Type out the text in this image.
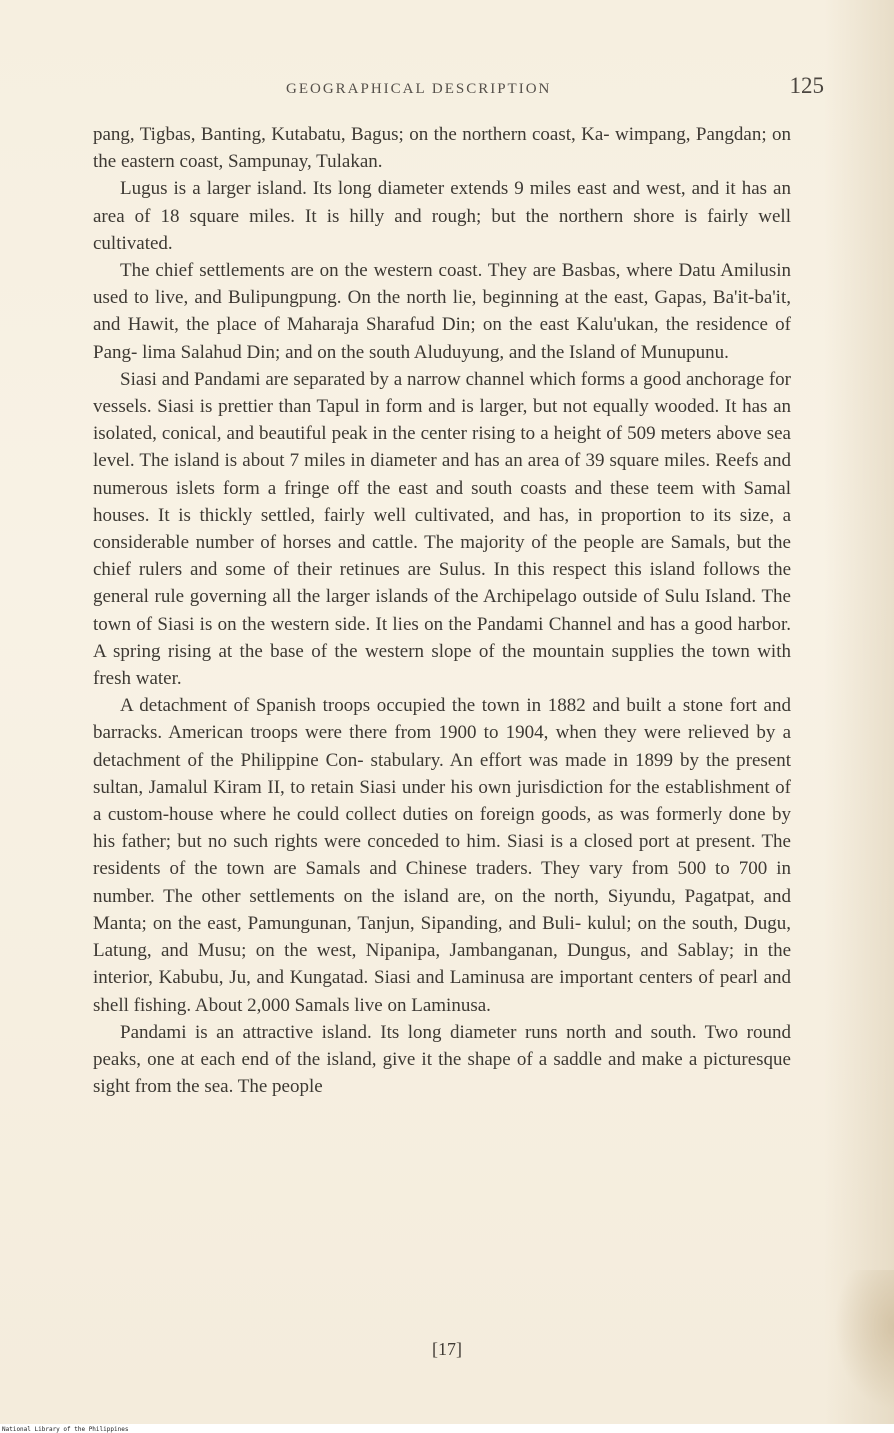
GEOGRAPHICAL DESCRIPTION	125

pang, Tigbas, Banting, Kutabatu, Bagus; on the northern coast, Ka- wimpang, Pangdan; on the eastern coast, Sampunay, Tulakan.

Lugus is a larger island. Its long diameter extends 9 miles east and west, and it has an area of 18 square miles. It is hilly and rough; but the northern shore is fairly well cultivated.

The chief settlements are on the western coast. They are Basbas, where Datu Amilusin used to live, and Bulipungpung. On the north lie, beginning at the east, Gapas, Ba'it-ba'it, and Hawit, the place of Maharaja Sharafud Din; on the east Kalu'ukan, the residence of Pang- lima Salahud Din; and on the south Aluduyung, and the Island of Munupunu.

Siasi and Pandami are separated by a narrow channel which forms a good anchorage for vessels. Siasi is prettier than Tapul in form and is larger, but not equally wooded. It has an isolated, conical, and beautiful peak in the center rising to a height of 509 meters above sea level. The island is about 7 miles in diameter and has an area of 39 square miles. Reefs and numerous islets form a fringe off the east and south coasts and these teem with Samal houses. It is thickly settled, fairly well cultivated, and has, in proportion to its size, a considerable number of horses and cattle. The majority of the people are Samals, but the chief rulers and some of their retinues are Sulus. In this respect this island follows the general rule governing all the larger islands of the Archipelago outside of Sulu Island. The town of Siasi is on the western side. It lies on the Pandami Channel and has a good harbor. A spring rising at the base of the western slope of the mountain supplies the town with fresh water.

A detachment of Spanish troops occupied the town in 1882 and built a stone fort and barracks. American troops were there from 1900 to 1904, when they were relieved by a detachment of the Philippine Con- stabulary. An effort was made in 1899 by the present sultan, Jamalul Kiram II, to retain Siasi under his own jurisdiction for the establishment of a custom-house where he could collect duties on foreign goods, as was formerly done by his father; but no such rights were conceded to him. Siasi is a closed port at present. The residents of the town are Samals and Chinese traders. They vary from 500 to 700 in number. The other settlements on the island are, on the north, Siyundu, Pagatpat, and Manta; on the east, Pamungunan, Tanjun, Sipanding, and Buli- kulul; on the south, Dugu, Latung, and Musu; on the west, Nipanipa, Jambanganan, Dungus, and Sablay; in the interior, Kabubu, Ju, and Kungatad. Siasi and Laminusa are important centers of pearl and shell fishing. About 2,000 Samals live on Laminusa.

Pandami is an attractive island. Its long diameter runs north and south. Two round peaks, one at each end of the island, give it the shape of a saddle and make a picturesque sight from the sea. The people

[17]
National Library of the Philippines
